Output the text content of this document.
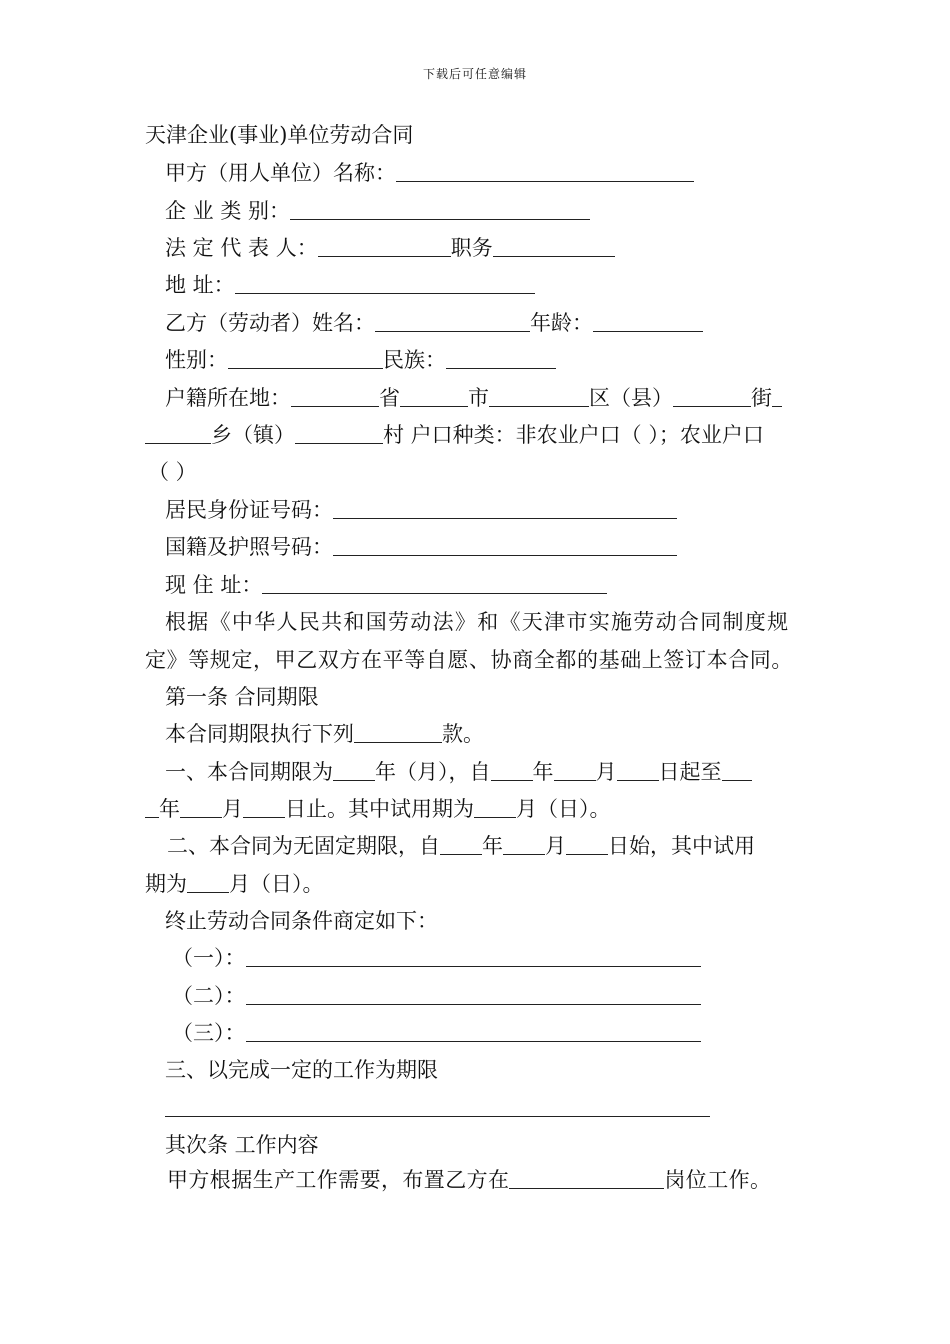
下载后可任意编辑
天津企业(事业)单位劳动合同
甲方（用人单位）名称：
企 业 类 别：
法 定 代 表 人：	职务
地 址：
乙方（劳动者）姓名：	年龄：
性别：	民族：
户籍所在地：	省	市	区（县）	街
乡（镇）	村 户口种类：非农业户口（ ）；农业户口
（ ）
居民身份证号码：
国籍及护照号码：
现 住 址：
根据《中华人民共和国劳动法》和《天津市实施劳动合同制度规
定》等规定，甲乙双方在平等自愿、协商全都的基础上签订本合同。
第一条 合同期限
本合同期限执行下列	款。
一、本合同期限为 年（月），自 年 月 日起至
年 月 日止。其中试用期为 月（日）。
二、本合同为无固定期限，自 年 月 日始，其中试用
期为 月（日）。
终止劳动合同条件商定如下：
（一）：
（二）：
（三）：
三、以完成一定的工作为期限
其次条 工作内容
甲方根据生产工作需要，布置乙方在	岗位工作。
